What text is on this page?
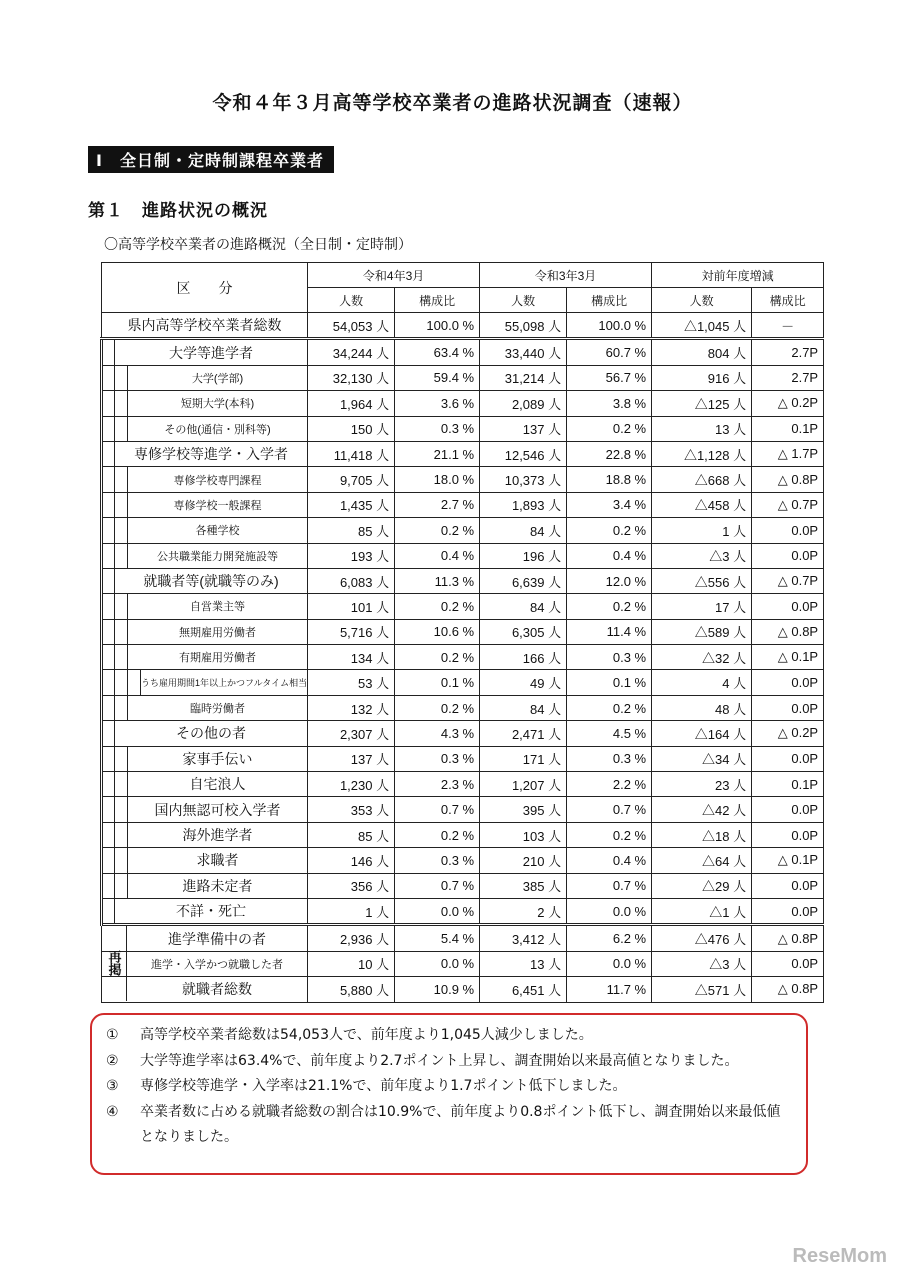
令和４年３月高等学校卒業者の進路状況調査（速報）
Ⅰ　全日制・定時制課程卒業者
第１　進路状況の概況
〇高等学校卒業者の進路概況（全日制・定時制）
区　　分	令和4年3月		令和3年3月		対前年度増減	
	人数	構成比	人数	構成比	人数	構成比

県内高等学校卒業者総数	54,053 人	100.0 %	55,098 人	100.0 %	△1,045 人	－

大学等進学者	34,244 人	63.4 %	33,440 人	60.7 %	804 人	2.7P

大学(学部)	32,130 人	59.4 %	31,214 人	56.7 %	916 人	2.7P

短期大学(本科)	1,964 人	3.6 %	2,089 人	3.8 %	△125 人	△ 0.2P

その他(通信・別科等)	150 人	0.3 %	137 人	0.2 %	13 人	0.1P

専修学校等進学・入学者	11,418 人	21.1 %	12,546 人	22.8 %	△1,128 人	△ 1.7P

専修学校専門課程	9,705 人	18.0 %	10,373 人	18.8 %	△668 人	△ 0.8P

専修学校一般課程	1,435 人	2.7 %	1,893 人	3.4 %	△458 人	△ 0.7P

各種学校	85 人	0.2 %	84 人	0.2 %	1 人	0.0P

公共職業能力開発施設等	193 人	0.4 %	196 人	0.4 %	△3 人	0.0P

就職者等(就職等のみ)	6,083 人	11.3 %	6,639 人	12.0 %	△556 人	△ 0.7P

自営業主等	101 人	0.2 %	84 人	0.2 %	17 人	0.0P

無期雇用労働者	5,716 人	10.6 %	6,305 人	11.4 %	△589 人	△ 0.8P

有期雇用労働者	134 人	0.2 %	166 人	0.3 %	△32 人	△ 0.1P

うち雇用期間1年以上かつフルタイム相当	53 人	0.1 %	49 人	0.1 %	4 人	0.0P

臨時労働者	132 人	0.2 %	84 人	0.2 %	48 人	0.0P

その他の者	2,307 人	4.3 %	2,471 人	4.5 %	△164 人	△ 0.2P

家事手伝い	137 人	0.3 %	171 人	0.3 %	△34 人	0.0P

自宅浪人	1,230 人	2.3 %	1,207 人	2.2 %	23 人	0.1P

国内無認可校入学者	353 人	0.7 %	395 人	0.7 %	△42 人	0.0P

海外進学者	85 人	0.2 %	103 人	0.2 %	△18 人	0.0P

求職者	146 人	0.3 %	210 人	0.4 %	△64 人	△ 0.1P

進路未定者	356 人	0.7 %	385 人	0.7 %	△29 人	0.0P

不詳・死亡	1 人	0.0 %	2 人	0.0 %	△1 人	0.0P

再掲
進学準備中の者	2,936 人	5.4 %	3,412 人	6.2 %	△476 人	△ 0.8P

進学・入学かつ就職した者	10 人	0.0 %	13 人	0.0 %	△3 人	0.0P

就職者総数	5,880 人	10.9 %	6,451 人	11.7 %	△571 人	△ 0.8P
①	高等学校卒業者総数は54,053人で、前年度より1,045人減少しました。
②	大学等進学率は63.4%で、前年度より2.7ポイント上昇し、調査開始以来最高値となりました。
③	専修学校等進学・入学率は21.1%で、前年度より1.7ポイント低下しました。
④	卒業者数に占める就職者総数の割合は10.9%で、前年度より0.8ポイント低下し、調査開始以来最低値となりました。
ReseMom
